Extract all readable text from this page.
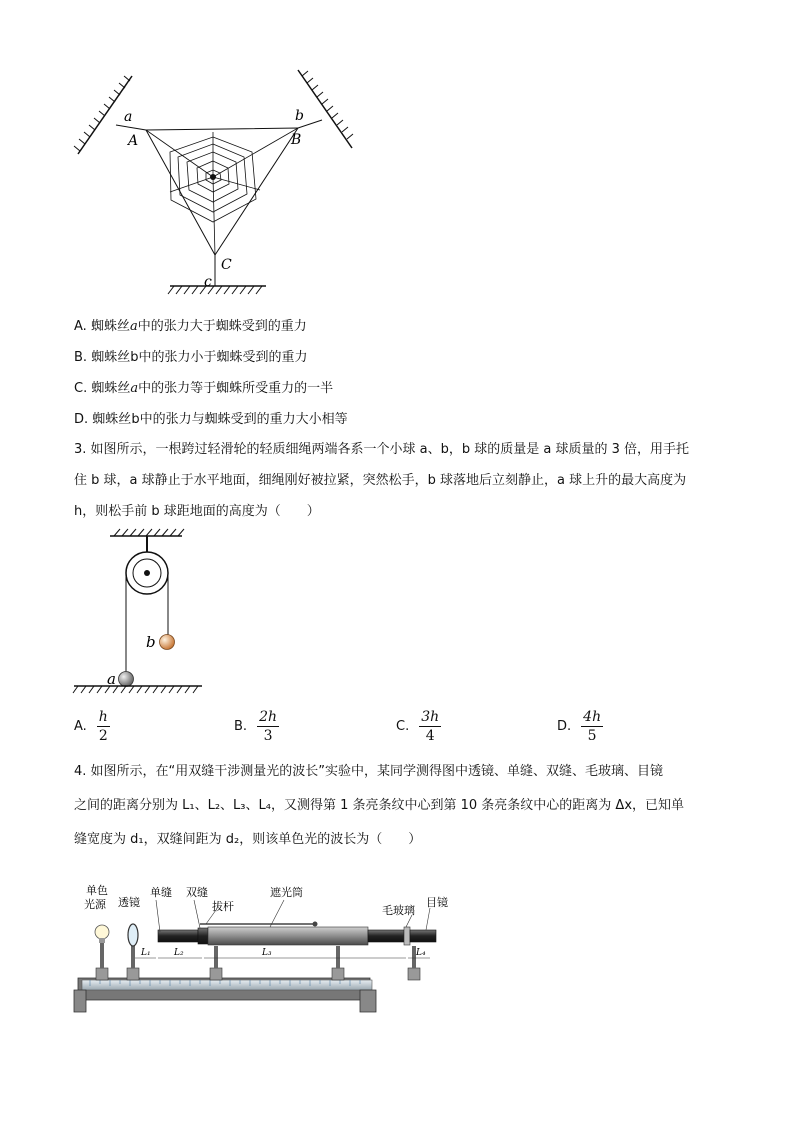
a
A
b
B
C
c
A. 蜘蛛丝a中的张力大于蜘蛛受到的重力
B. 蜘蛛丝b中的张力小于蜘蛛受到的重力
C. 蜘蛛丝a中的张力等于蜘蛛所受重力的一半
D. 蜘蛛丝b中的张力与蜘蛛受到的重力大小相等
3. 如图所示，一根跨过轻滑轮的轻质细绳两端各系一个小球 a、b，b 球的质量是 a 球质量的 3 倍，用手托
住 b 球，a 球静止于水平地面，细绳刚好被拉紧，突然松手，b 球落地后立刻静止，a 球上升的最大高度为
h，则松手前 b 球距地面的高度为（　　）
b
a
A. $\frac{h}{2}$	B. $\frac{2h}{3}$	C. $\frac{3h}{4}$	D. $\frac{4h}{5}$
4. 如图所示，在“用双缝干涉测量光的波长”实验中，某同学测得图中透镜、单缝、双缝、毛玻璃、目镜
之间的距离分别为 L₁、L₂、L₃、L₄，又测得第 1 条亮条纹中心到第 10 条亮条纹中心的距离为 Δx，已知单
缝宽度为 d₁，双缝间距为 d₂，则该单色光的波长为（　　）
单色
光源 透镜
单缝 双缝
拔杆
遮光筒
毛玻璃
目镜
L₁	L₂	L₃	L₄
